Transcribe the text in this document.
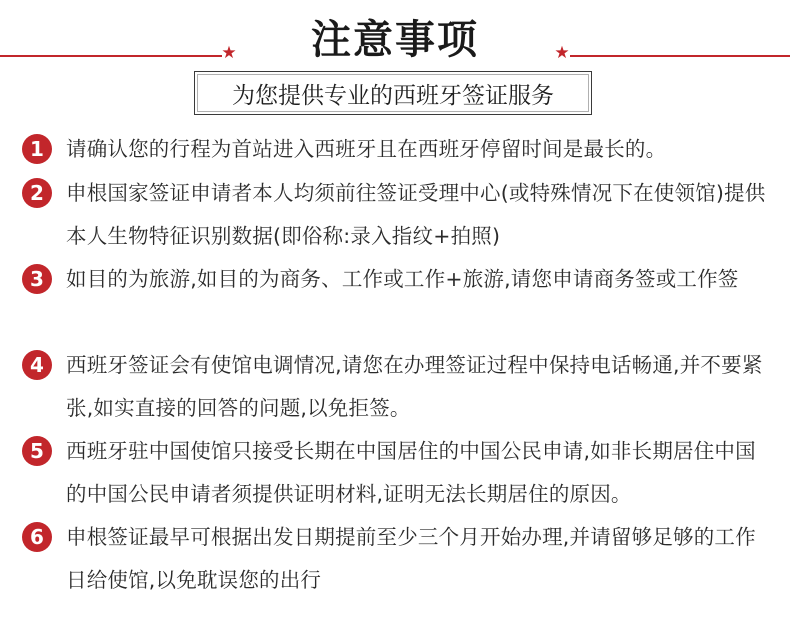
★	注意事项	★
为您提供专业的西班牙签证服务
1	请确认您的行程为首站进入西班牙且在西班牙停留时间是最长的。
2	申根国家签证申请者本人均须前往签证受理中心(或特殊情况下在使领馆)提供本人生物特征识别数据(即俗称:录入指纹+拍照)
3	如目的为旅游,如目的为商务、工作或工作+旅游,请您申请商务签或工作签
4	西班牙签证会有使馆电调情况,请您在办理签证过程中保持电话畅通,并不要紧张,如实直接的回答的问题,以免拒签。
5	西班牙驻中国使馆只接受长期在中国居住的中国公民申请,如非长期居住中国的中国公民申请者须提供证明材料,证明无法长期居住的原因。
6	申根签证最早可根据出发日期提前至少三个月开始办理,并请留够足够的工作日给使馆,以免耽误您的出行
